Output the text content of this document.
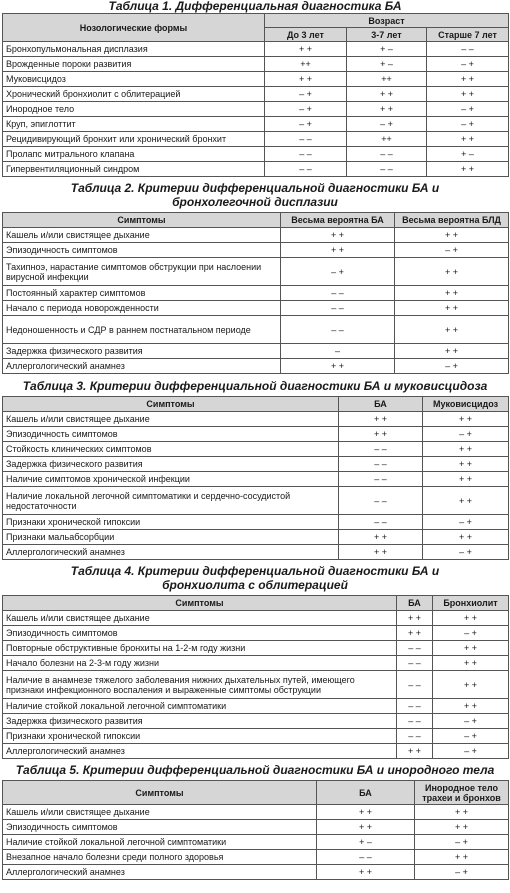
Таблица 1. Дифференциальная диагностика БА
Нозологические формы	Возраст		
	До 3 лет	3-7 лет	Старше 7 лет
Бронхопульмональная дисплазия	+ +	+ –	– –
Врожденные пороки развития	++	+ –	– +
Муковисцидоз	+ +	++	+ +
Хронический бронхиолит с облитерацией	– +	+ +	+ +
Инородное тело	– +	+ +	– +
Круп, эпиглоттит	– +	– +	– +
Рецидивирующий бронхит или хронический бронхит	– –	++	+ +
Пролапс митрального клапана	– –	– –	+ –
Гипервентиляционный синдром	– –	– –	+ +
Таблица 2. Критерии дифференциальной диагностики БА и бронхолегочной дисплазии
Симптомы	Весьма вероятна БА	Весьма вероятна БЛД
Кашель и/или свистящее дыхание	+ +	+ +
Эпизодичность симптомов	+ +	– +
Тахипноэ, нарастание симптомов обструкции при наслоении вирусной инфекции	– +	+ +
Постоянный характер симптомов	– –	+ +
Начало с периода новорожденности	– –	+ +
Недоношенность и СДР в раннем постнатальном периоде	– –	+ +
Задержка физического развития	–	+ +
Аллергологический анамнез	+ +	– +
Таблица 3. Критерии дифференциальной диагностики БА и муковисцидоза
Симптомы	БА	Муковисцидоз
Кашель и/или свистящее дыхание	+ +	+ +
Эпизодичность симптомов	+ +	– +
Стойкость клинических симптомов	– –	+ +
Задержка физического развития	– –	+ +
Наличие симптомов хронической инфекции	– –	+ +
Наличие локальной легочной симптоматики и сердечно-сосудистой недостаточности	– –	+ +
Признаки хронической гипоксии	– –	– +
Признаки мальабсорбции	+ +	+ +
Аллергологический анамнез	+ +	– +
Таблица 4. Критерии дифференциальной диагностики БА и бронхиолита с облитерацией
Симптомы	БА	Бронхиолит
Кашель и/или свистящее дыхание	+ +	+ +
Эпизодичность симптомов	+ +	– +
Повторные обструктивные бронхиты на 1-2-м году жизни	– –	+ +
Начало болезни на 2-3-м году жизни	– –	+ +
Наличие в анамнезе тяжелого заболевания нижних дыхательных путей, имеющего признаки инфекционного воспаления и выраженные симптомы обструкции	– –	+ +
Наличие стойкой локальной легочной симптоматики	– –	+ +
Задержка физического развития	– –	– +
Признаки хронической гипоксии	– –	– +
Аллергологический анамнез	+ +	– +
Таблица 5. Критерии дифференциальной диагностики БА и инородного тела
Симптомы	БА	Инородное тело трахеи и бронхов
Кашель и/или свистящее дыхание	+ +	+ +
Эпизодичность симптомов	+ +	+ +
Наличие стойкой локальной легочной симптоматики	+ –	– +
Внезапное начало болезни среди полного здоровья	– –	+ +
Аллергологический анамнез	+ +	– +
